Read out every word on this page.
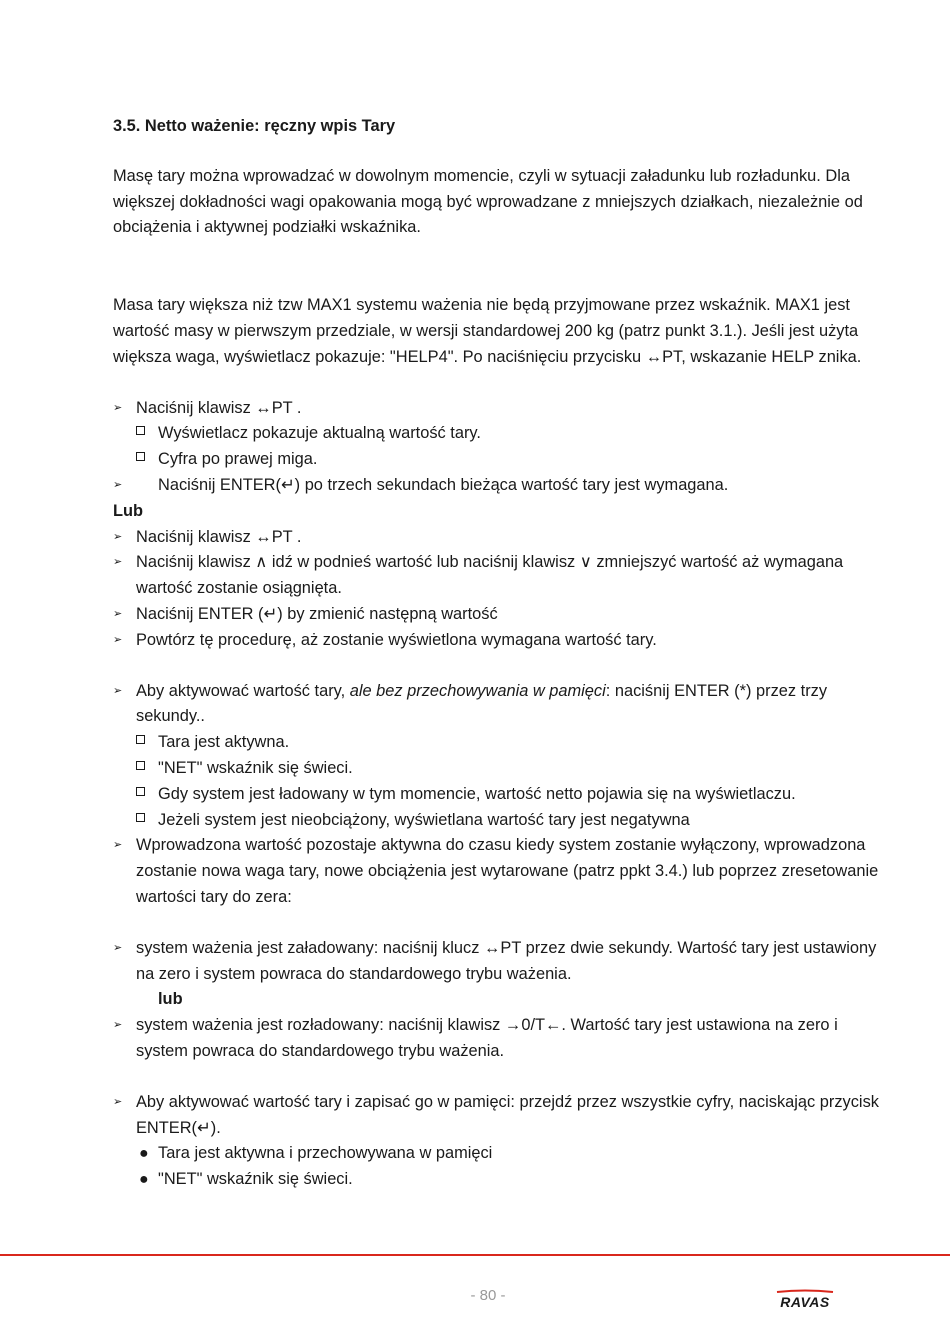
3.5. Netto ważenie: ręczny wpis Tary

Masę tary można wprowadzać w dowolnym momencie, czyli w sytuacji załadunku lub rozładunku. Dla większej dokładności wagi opakowania mogą być wprowadzane z mniejszych działkach, niezależnie od obciążenia i aktywnej podziałki wskaźnika.

Masa tary większa niż tzw MAX1 systemu ważenia nie będą przyjmowane przez wskaźnik. MAX1 jest wartość masy w pierwszym przedziale, w wersji standardowej 200 kg (patrz punkt 3.1.). Jeśli jest użyta większa waga, wyświetlacz pokazuje: "HELP4". Po naciśnięciu przycisku ↔PT, wskazanie HELP znika.

➢ Naciśnij klawisz ↔PT .
Wyświetlacz pokazuje aktualną wartość tary.
Cyfra po prawej miga.
➢ Naciśnij ENTER(↵) po trzech sekundach bieżąca wartość tary jest wymagana.

Lub

➢ Naciśnij klawisz ↔PT .
➢ Naciśnij klawisz ∧ idź w podnieś wartość lub naciśnij klawisz ∨ zmniejszyć wartość aż wymagana wartość zostanie osiągnięta.
➢ Naciśnij ENTER (↵) by zmienić następną wartość
➢ Powtórz tę procedurę, aż zostanie wyświetlona wymagana wartość tary.
➢ Aby aktywować wartość tary, ale bez przechowywania w pamięci: naciśnij ENTER (*) przez trzy sekundy..
Tara jest aktywna.
"NET" wskaźnik się świeci.
Gdy system jest ładowany w tym momencie, wartość netto pojawia się na wyświetlaczu.
Jeżeli system jest nieobciążony, wyświetlana wartość tary jest negatywna
➢ Wprowadzona wartość pozostaje aktywna do czasu kiedy system zostanie wyłączony, wprowadzona zostanie nowa waga tary, nowe obciążenia jest wytarowane (patrz ppkt 3.4.) lub poprzez zresetowanie wartości tary do zera:
➢ system ważenia jest załadowany: naciśnij klucz ↔PT przez dwie sekundy. Wartość tary jest ustawiony na zero i system powraca do standardowego trybu ważenia.

lub

➢ system ważenia jest rozładowany: naciśnij klawisz →0/T←. Wartość tary jest ustawiona na zero i system powraca do standardowego trybu ważenia.
➢ Aby aktywować wartość tary i zapisać go w pamięci: przejdź przez wszystkie cyfry, naciskając przycisk ENTER(↵).
● Tara jest aktywna i przechowywana w pamięci
● "NET" wskaźnik się świeci.
- 80 -	RAVAS
